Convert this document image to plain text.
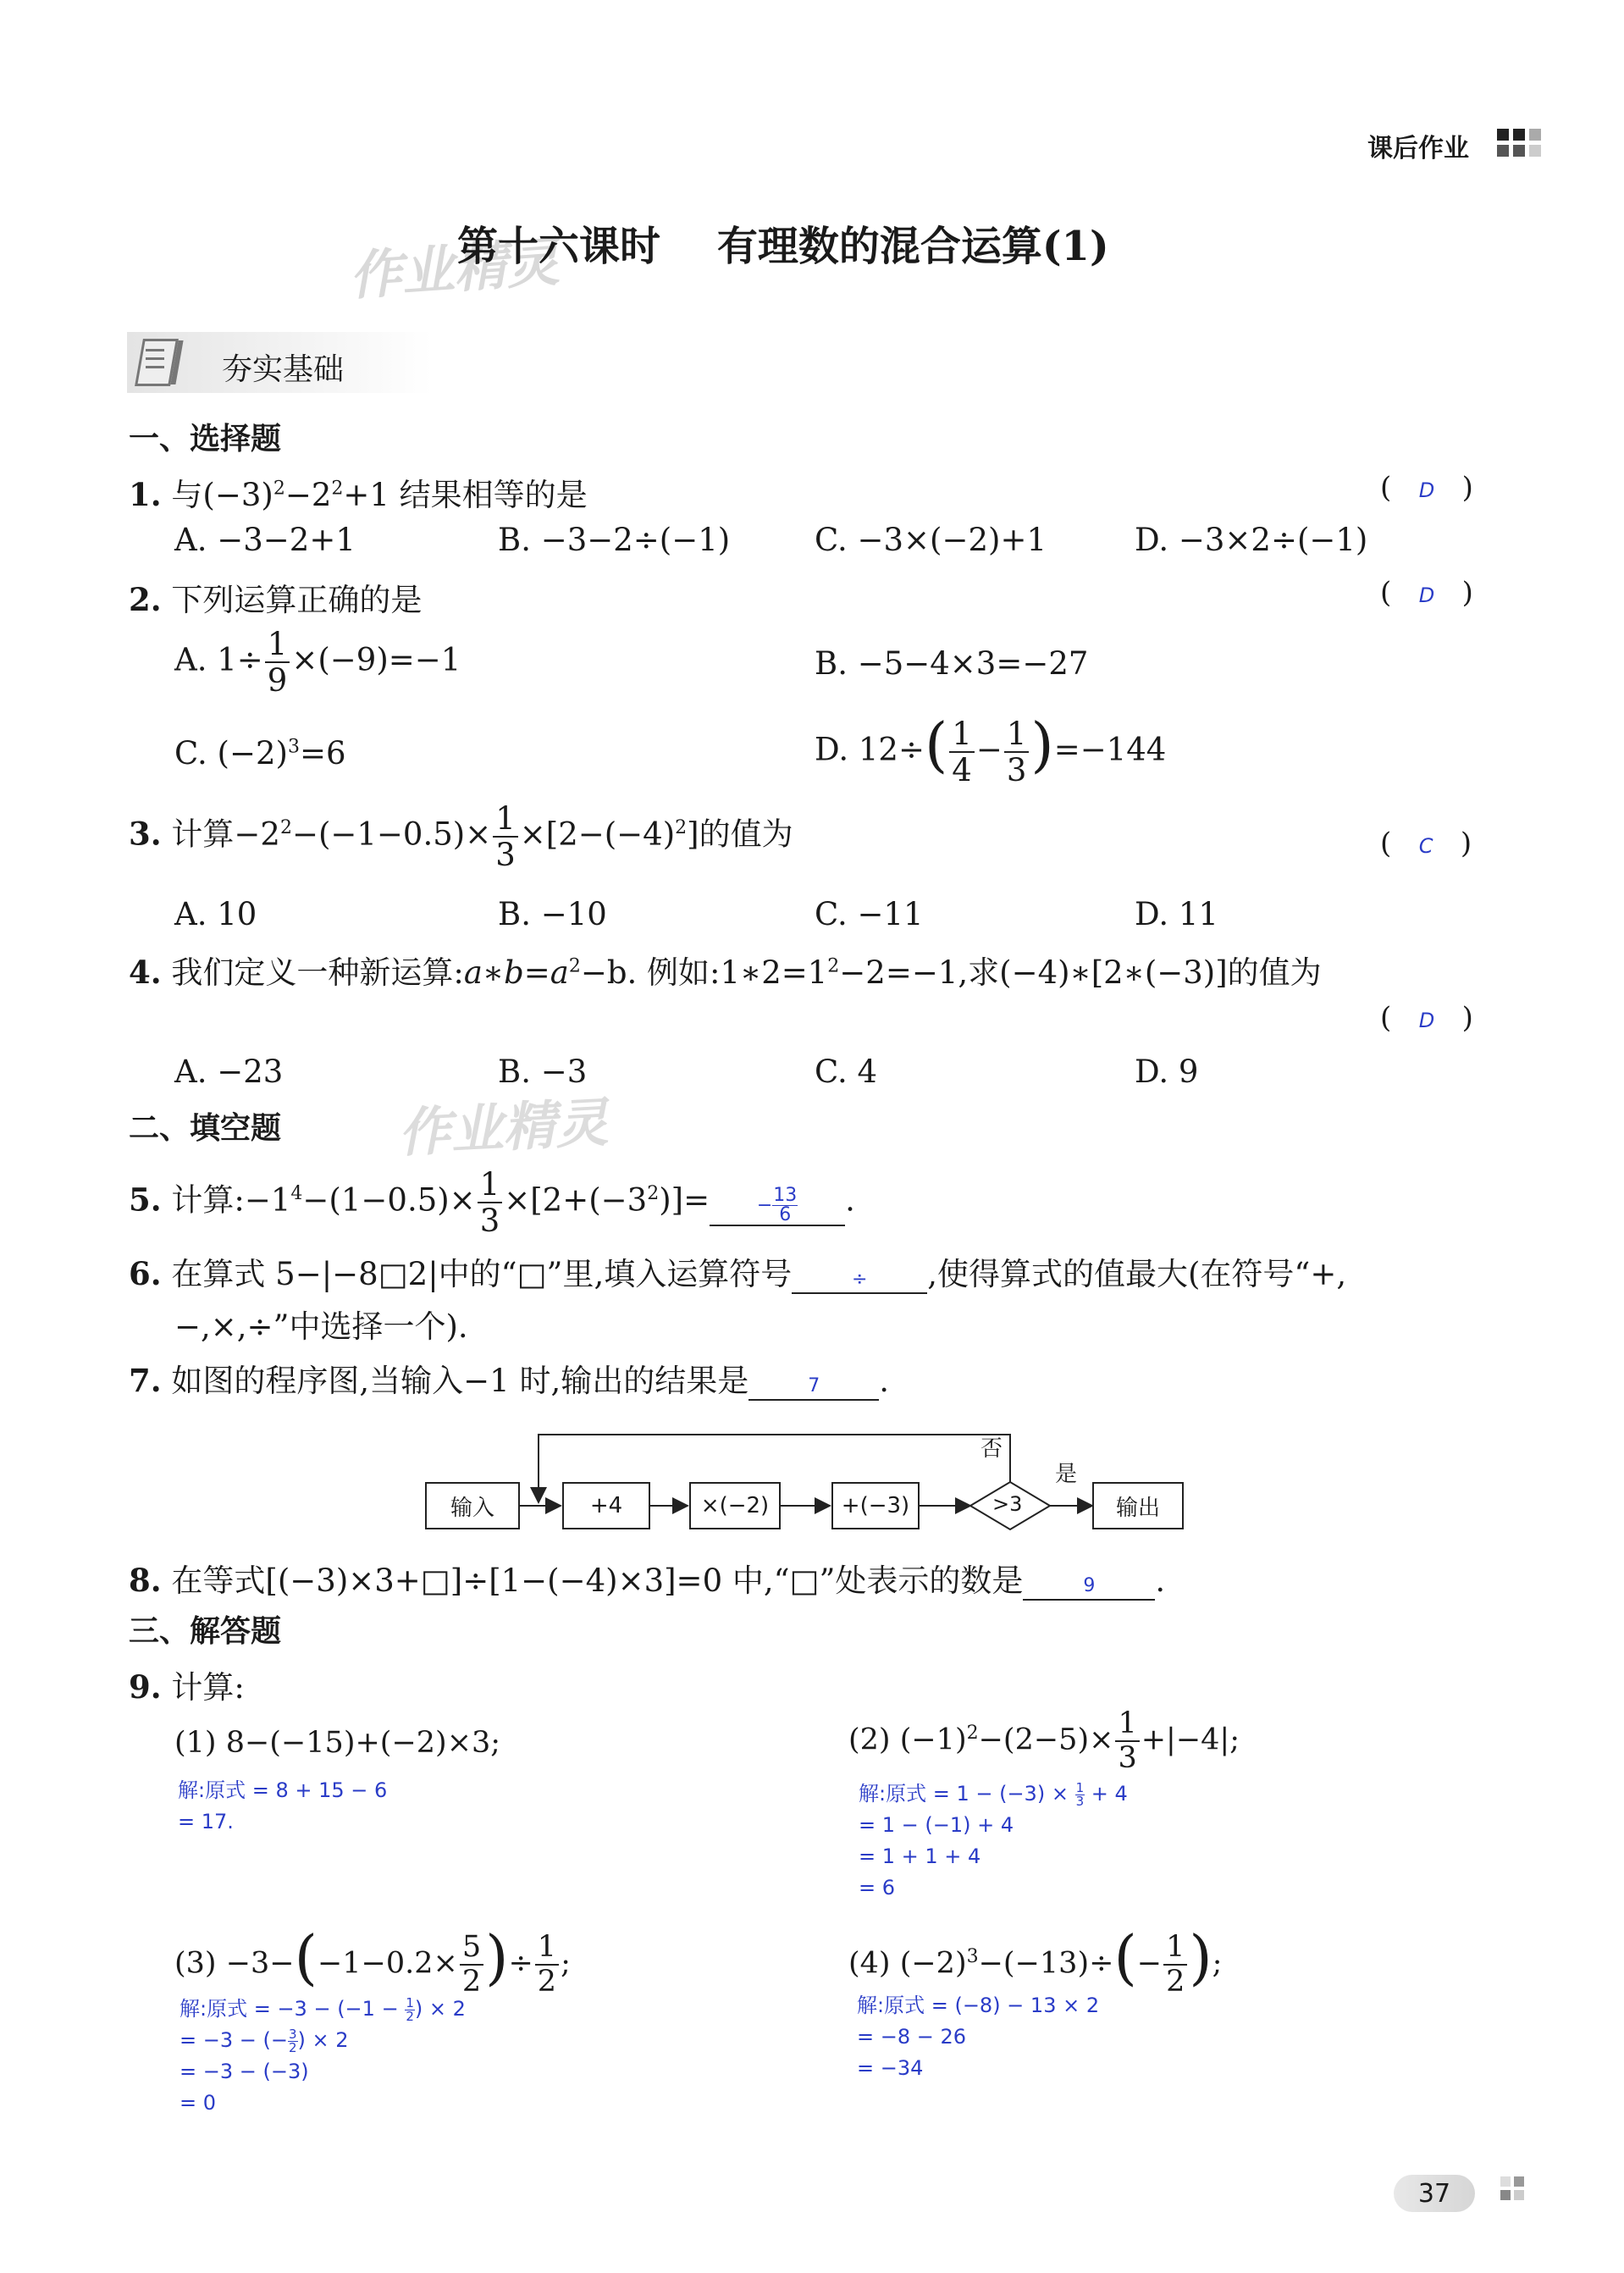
课后作业
作业精灵
第十六课时    有理数的混合运算(1)
夯实基础
一、选择题
1. 与$(-3)^2-2^2+1$ 结果相等的是	(   D   )
A. −3−2+1	B. −3−2÷(−1)	C. −3×(−2)+1	D. −3×2÷(−1)
2. 下列运算正确的是	(   D   )
A. $1\div \frac{1}{9} \times(-9)=-1$	B. −5−4×3=−27
C. $(-2)^3=6$	D. $12\div( \frac{1}{4} - \frac{1}{3} )=-144$
3. 计算$-2^2-(-1-0.5)\times \frac{1}{3} \times[2-(-4)^2]$的值为	(   C   )
A. 10	B. −10	C. −11	D. 11
4. 我们定义一种新运算$:a∗b=a^2-b$. 例如$:1∗2=1^2-2=-1$,求(−4)∗[2∗(−3)]的值为
(   D   )
A. −23	B. −3	C. 4	D. 9
二、填空题 作业精灵
5. 计算$:-1^4-(1-0.5)\times \frac{1}{3} \times[2+(-3^2)]=$	− $\frac{13}{6}$ .
6. 在算式 5−|−8□2|中的“□”里,填入运算符号	÷ ,使得算式的值最大(在符号“+,
−,×,÷”中选择一个).
7. 如图的程序图,当输入−1 时,输出的结果是	7 .
输入	+4	×(−2)	+(−3)	>3	输出
否
是
8. 在等式[(−3)×3+□]÷[1−(−4)×3]=0 中,“□”处表示的数是	9 .
三、解答题
9. 计算:
(1) 8−(−15)+(−2)×3;
解:原式 = 8 + 15 − 6
= 17.
(2) $(-1)^2-(2-5)\times \frac{1}{3} +|-4|$;
解:原式 = $1 - (-3) \times \frac{1}{3} + 4$
= 1 − (−1) + 4
= 1 + 1 + 4
= 6
$(3) -3-(-1-0.2\times \frac{5}{2}$ )÷ $\frac{1}{2}$ ;
解:原式 = $-3 - (-1 - \frac{1}{2}$ ) × 2
= −3 − (− $\frac{3}{2}$ ) × 2
= −3 − (−3)
= 0
(4) $(-2)^3-(-13)\div(- \frac{1}{2}$ );
解:原式 = (−8) − 13 × 2
= −8 − 26
= −34
37
